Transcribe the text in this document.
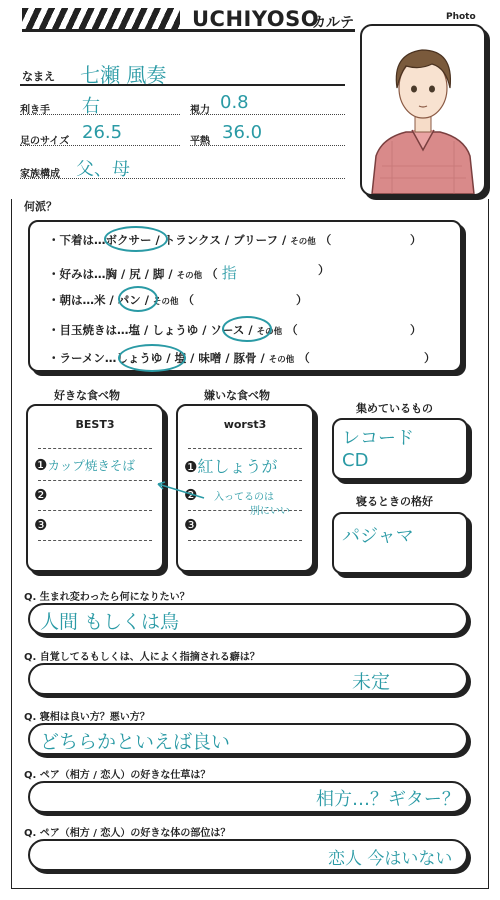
UCHIYOSO
カルテ	Photo
なまえ 七瀬 風奏
利き手 右	視力 0.8
足のサイズ 26.5	平熱 36.0
家族構成 父、母
何派？
・下着は…ボクサー / トランクス / ブリーフ / その他 （	）
・好みは…胸 / 尻 / 脚 / その他 （ 指	）
・朝は…米 / パン / その他 （	）
・目玉焼きは…塩 / しょうゆ / ソース / その他 （	）
・ラーメン…しょうゆ / 塩 / 味噌 / 豚骨 / その他 （	）
好きな食べ物
BEST3
❶カップ焼きそば
❷
❸
嫌いな食べ物
worst3
❶紅しょうが
❷
❸
入ってるのは
別にいい
集めているもの
レコード
CD
寝るときの格好
パジャマ
Q. 生まれ変わったら何になりたい？
人間 もしくは鳥
Q. 自覚してるもしくは、人によく指摘される癖は？
未定
Q. 寝相は良い方？悪い方？
どちらかといえば良い
Q. ペア（相方 / 恋人）の好きな仕草は？
相方…？ギター？
Q. ペア（相方 / 恋人）の好きな体の部位は？
恋人 今はいない
